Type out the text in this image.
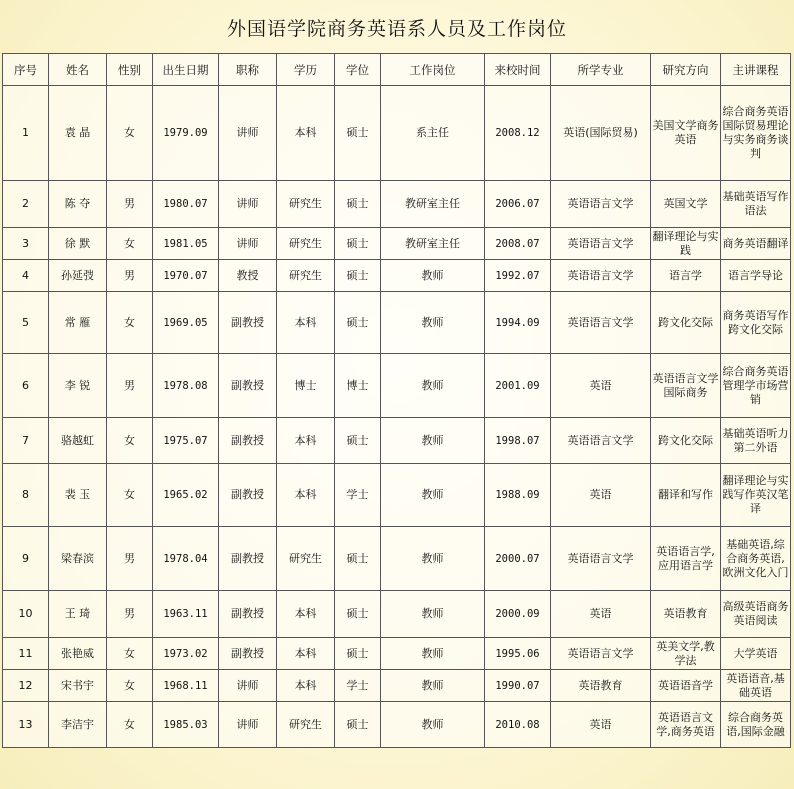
外国语学院商务英语系人员及工作岗位
序号	姓名	性别	出生日期	职称	学历	学位	工作岗位	来校时间	所学专业	研究方向	主讲课程
1	袁 晶	女	1979.09	讲师	本科	硕士	系主任	2008.12	英语(国际贸易)	美国文学商务英语	综合商务英语国际贸易理论与实务商务谈判
2	陈 夺	男	1980.07	讲师	研究生	硕士	教研室主任	2006.07	英语语言文学	英国文学	基础英语写作语法
3	徐 默	女	1981.05	讲师	研究生	硕士	教研室主任	2008.07	英语语言文学	翻译理论与实践	商务英语翻译
4	孙延弢	男	1970.07	教授	研究生	硕士	教师	1992.07	英语语言文学	语言学	语言学导论
5	常 雁	女	1969.05	副教授	本科	硕士	教师	1994.09	英语语言文学	跨文化交际	商务英语写作跨文化交际
6	李 锐	男	1978.08	副教授	博士	博士	教师	2001.09	英语	英语语言文学 国际商务	综合商务英语管理学市场营销
7	骆越虹	女	1975.07	副教授	本科	硕士	教师	1998.07	英语语言文学	跨文化交际	基础英语听力第二外语
8	裴 玉	女	1965.02	副教授	本科	学士	教师	1988.09	英语	翻译和写作	翻译理论与实践写作英汉笔译
9	梁春滨	男	1978.04	副教授	研究生	硕士	教师	2000.07	英语语言文学	英语语言学,应用语言学	基础英语,综合商务英语,欧洲文化入门
10	王 琦	男	1963.11	副教授	本科	硕士	教师	2000.09	英语	英语教育	高级英语商务英语阅读
11	张艳威	女	1973.02	副教授	本科	硕士	教师	1995.06	英语语言文学	英美文学,教学法	大学英语
12	宋书宇	女	1968.11	讲师	本科	学士	教师	1990.07	英语教育	英语语音学	英语语音,基础英语
13	李洁宇	女	1985.03	讲师	研究生	硕士	教师	2010.08	英语	英语语言文学,商务英语	综合商务英语,国际金融
